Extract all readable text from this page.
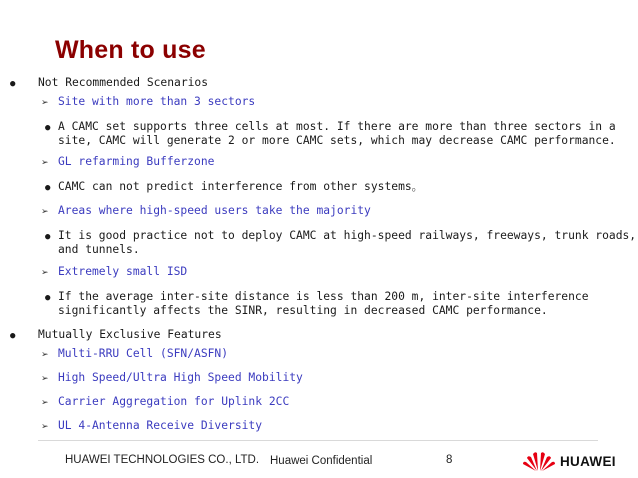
When to use
● Not Recommended Scenarios
➢ Site with more than 3 sectors
● A CAMC set supports three cells at most. If there are more than three sectors in a
site, CAMC will generate 2 or more CAMC sets, which may decrease CAMC performance.
➢ GL refarming Bufferzone
● CAMC can not predict interference from other systems。
➢ Areas where high-speed users take the majority
● It is good practice not to deploy CAMC at high-speed railways, freeways, trunk roads,
and tunnels.
➢ Extremely small ISD
● If the average inter-site distance is less than 200 m, inter-site interference
significantly affects the SINR, resulting in decreased CAMC performance.
● Mutually Exclusive Features
➢ Multi-RRU Cell (SFN/ASFN)
➢ High Speed/Ultra High Speed Mobility
➢ Carrier Aggregation for Uplink 2CC
➢ UL 4-Antenna Receive Diversity
HUAWEI TECHNOLOGIES CO., LTD. Huawei Confidential	8	HUAWEI
